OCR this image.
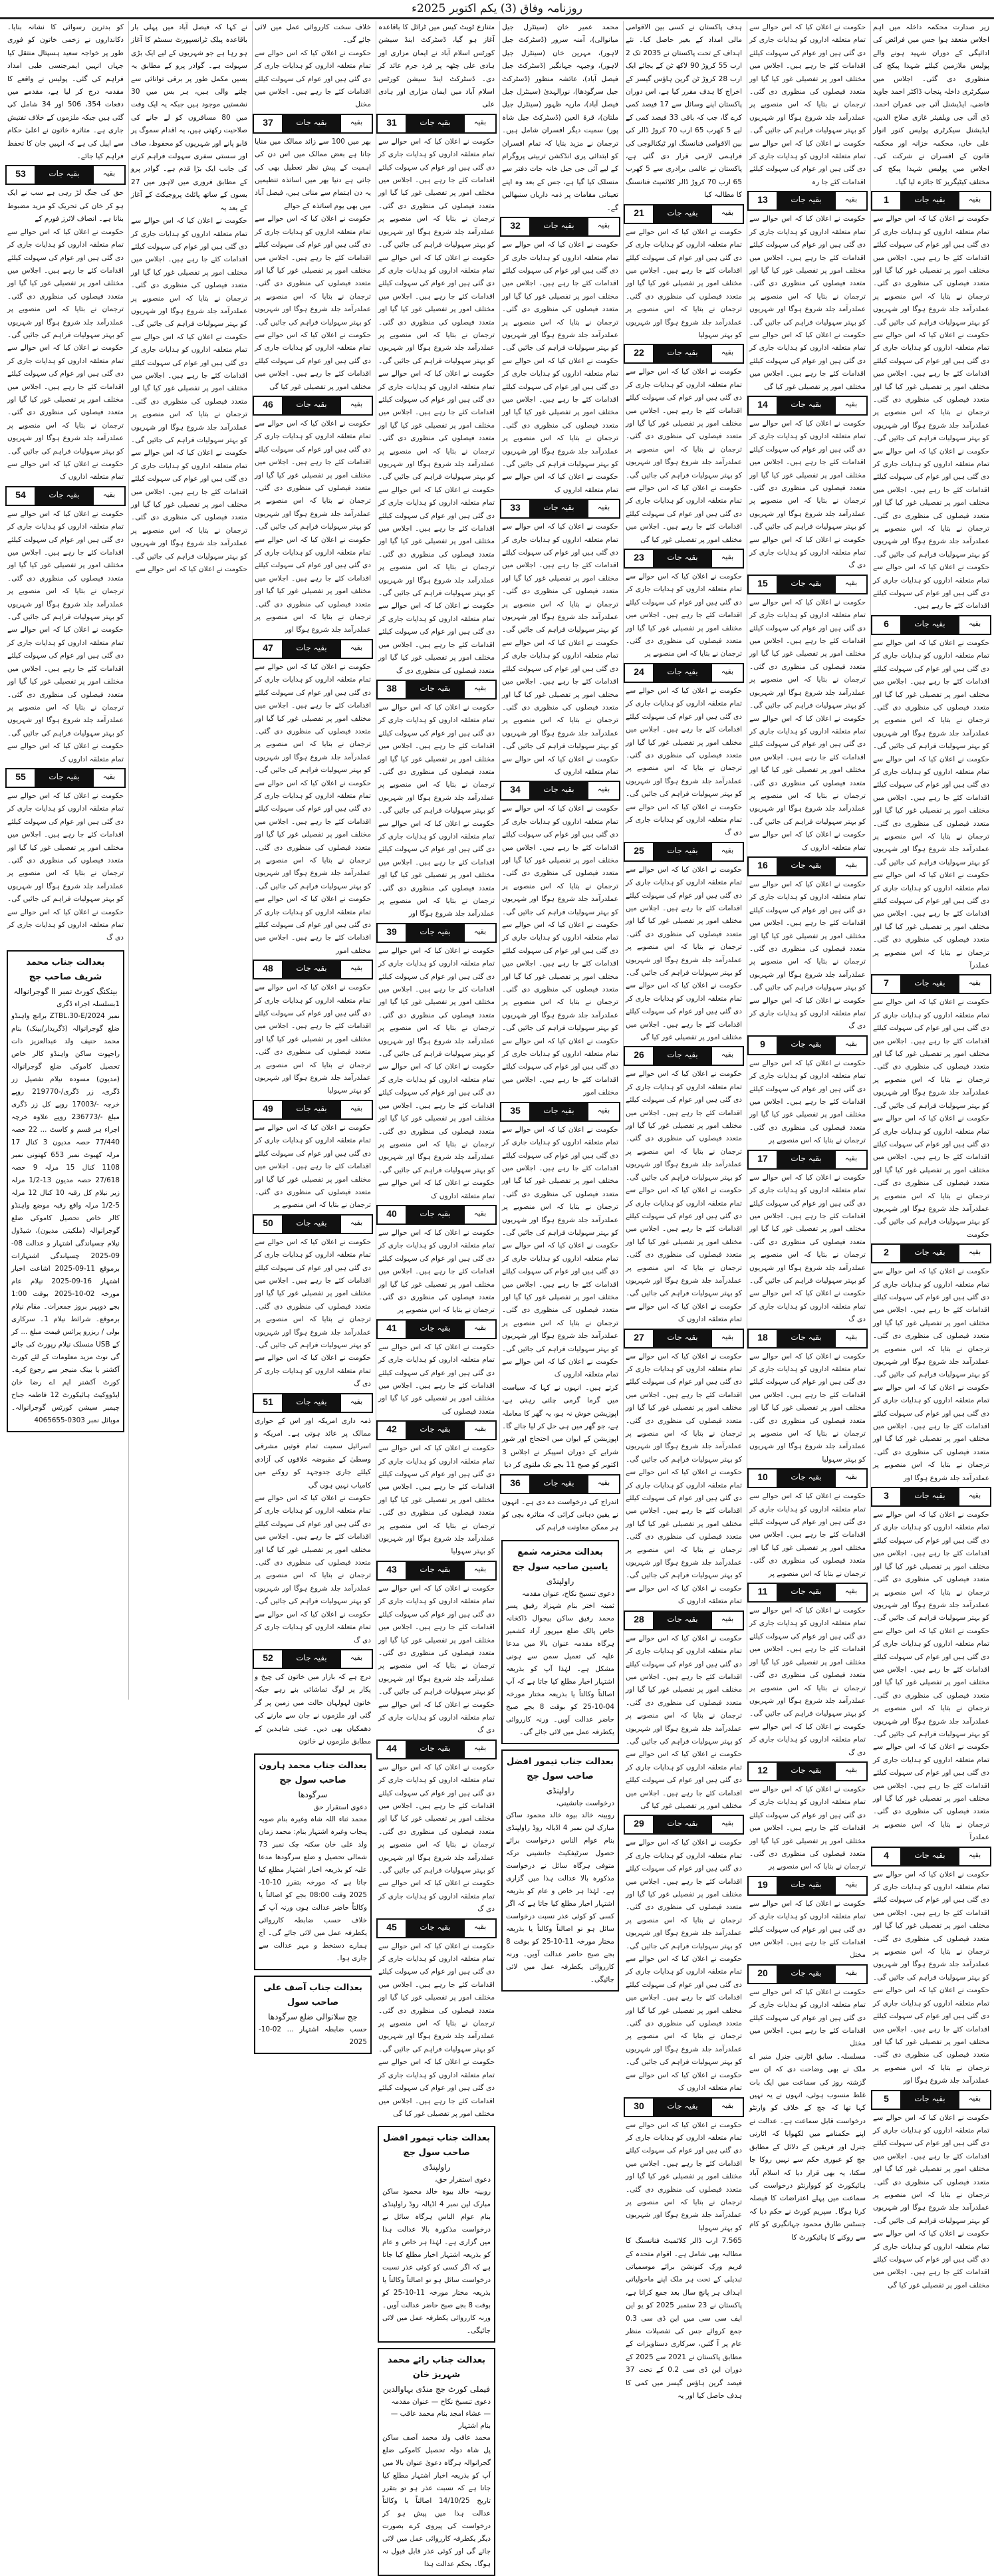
روزنامہ وفاق (3) یکم اکتوبر 2025ء

زیر صدارت محکمہ داخلہ میں اہم اجلاس منعقد ہوا جس میں فرائض کی ادائیگی کے دوران شہید ہونے والے پولیس ملازمین کیلئے شہدا پیکج کی منظوری دی گئی۔ اجلاس میں سیکرٹری داخلہ پنجاب ڈاکٹر احمد جاوید قاضی، ایڈیشنل آئی جی عمران احمد، ڈی آئی جی ویلفیئر غازی صلاح الدین، ایڈیشنل سیکرٹری پولیس کنور انوار علی خاں، محکمہ خزانہ اور محکمہ قانون کے افسران نے شرکت کی۔ اجلاس میں پولیس شہدا پیکج کی مختلف کیٹیگریز کا جائزہ لیا گیا۔

1	بقیہ جات	بقیہ

حکومت نے اعلان کیا کہ اس حوالے سے تمام متعلقہ اداروں کو ہدایات جاری کر دی گئی ہیں اور عوام کی سہولت کیلئے اقدامات کئے جا رہے ہیں۔ اجلاس میں مختلف امور پر تفصیلی غور کیا گیا اور متعدد فیصلوں کی منظوری دی گئی۔ ترجمان نے بتایا کہ اس منصوبے پر عملدرآمد جلد شروع ہوگا اور شہریوں کو بہتر سہولیات فراہم کی جائیں گی۔ حکومت نے اعلان کیا کہ اس حوالے سے تمام متعلقہ اداروں کو ہدایات جاری کر دی گئی ہیں اور عوام کی سہولت کیلئے اقدامات کئے جا رہے ہیں۔ اجلاس میں مختلف امور پر تفصیلی غور کیا گیا اور متعدد فیصلوں کی منظوری دی گئی۔ ترجمان نے بتایا کہ اس منصوبے پر عملدرآمد جلد شروع ہوگا اور شہریوں کو بہتر سہولیات فراہم کی جائیں گی۔ حکومت نے اعلان کیا کہ اس حوالے سے تمام متعلقہ اداروں کو ہدایات جاری کر دی گئی ہیں اور عوام کی سہولت کیلئے اقدامات کئے جا رہے ہیں۔ اجلاس میں مختلف امور پر تفصیلی غور کیا گیا اور متعدد فیصلوں کی منظوری دی گئی۔ ترجمان نے بتایا کہ اس منصوبے پر عملدرآمد جلد شروع ہوگا اور شہریوں کو بہتر سہولیات فراہم کی جائیں گی۔ حکومت نے اعلان کیا کہ اس حوالے سے تمام متعلقہ اداروں کو ہدایات جاری کر دی گئی ہیں اور عوام کی سہولت کیلئے اقدامات کئے جا رہے ہیں۔

6	بقیہ جات	بقیہ

حکومت نے اعلان کیا کہ اس حوالے سے تمام متعلقہ اداروں کو ہدایات جاری کر دی گئی ہیں اور عوام کی سہولت کیلئے اقدامات کئے جا رہے ہیں۔ اجلاس میں مختلف امور پر تفصیلی غور کیا گیا اور متعدد فیصلوں کی منظوری دی گئی۔ ترجمان نے بتایا کہ اس منصوبے پر عملدرآمد جلد شروع ہوگا اور شہریوں کو بہتر سہولیات فراہم کی جائیں گی۔ حکومت نے اعلان کیا کہ اس حوالے سے تمام متعلقہ اداروں کو ہدایات جاری کر دی گئی ہیں اور عوام کی سہولت کیلئے اقدامات کئے جا رہے ہیں۔ اجلاس میں مختلف امور پر تفصیلی غور کیا گیا اور متعدد فیصلوں کی منظوری دی گئی۔ ترجمان نے بتایا کہ اس منصوبے پر عملدرآمد جلد شروع ہوگا اور شہریوں کو بہتر سہولیات فراہم کی جائیں گی۔ حکومت نے اعلان کیا کہ اس حوالے سے تمام متعلقہ اداروں کو ہدایات جاری کر دی گئی ہیں اور عوام کی سہولت کیلئے اقدامات کئے جا رہے ہیں۔ اجلاس میں مختلف امور پر تفصیلی غور کیا گیا اور متعدد فیصلوں کی منظوری دی گئی۔ ترجمان نے بتایا کہ اس منصوبے پر عملدرآ

7	بقیہ جات	بقیہ

حکومت نے اعلان کیا کہ اس حوالے سے تمام متعلقہ اداروں کو ہدایات جاری کر دی گئی ہیں اور عوام کی سہولت کیلئے اقدامات کئے جا رہے ہیں۔ اجلاس میں مختلف امور پر تفصیلی غور کیا گیا اور متعدد فیصلوں کی منظوری دی گئی۔ ترجمان نے بتایا کہ اس منصوبے پر عملدرآمد جلد شروع ہوگا اور شہریوں کو بہتر سہولیات فراہم کی جائیں گی۔ حکومت نے اعلان کیا کہ اس حوالے سے تمام متعلقہ اداروں کو ہدایات جاری کر دی گئی ہیں اور عوام کی سہولت کیلئے اقدامات کئے جا رہے ہیں۔ اجلاس میں مختلف امور پر تفصیلی غور کیا گیا اور متعدد فیصلوں کی منظوری دی گئی۔ ترجمان نے بتایا کہ اس منصوبے پر عملدرآمد جلد شروع ہوگا اور شہریوں کو بہتر سہولیات فراہم کی جائیں گی۔ حکومت

2	بقیہ جات	بقیہ

حکومت نے اعلان کیا کہ اس حوالے سے تمام متعلقہ اداروں کو ہدایات جاری کر دی گئی ہیں اور عوام کی سہولت کیلئے اقدامات کئے جا رہے ہیں۔ اجلاس میں مختلف امور پر تفصیلی غور کیا گیا اور متعدد فیصلوں کی منظوری دی گئی۔ ترجمان نے بتایا کہ اس منصوبے پر عملدرآمد جلد شروع ہوگا اور شہریوں کو بہتر سہولیات فراہم کی جائیں گی۔ حکومت نے اعلان کیا کہ اس حوالے سے تمام متعلقہ اداروں کو ہدایات جاری کر دی گئی ہیں اور عوام کی سہولت کیلئے اقدامات کئے جا رہے ہیں۔ اجلاس میں مختلف امور پر تفصیلی غور کیا گیا اور متعدد فیصلوں کی منظوری دی گئی۔ ترجمان نے بتایا کہ اس منصوبے پر عملدرآمد جلد شروع ہوگا اور

3	بقیہ جات	بقیہ

حکومت نے اعلان کیا کہ اس حوالے سے تمام متعلقہ اداروں کو ہدایات جاری کر دی گئی ہیں اور عوام کی سہولت کیلئے اقدامات کئے جا رہے ہیں۔ اجلاس میں مختلف امور پر تفصیلی غور کیا گیا اور متعدد فیصلوں کی منظوری دی گئی۔ ترجمان نے بتایا کہ اس منصوبے پر عملدرآمد جلد شروع ہوگا اور شہریوں کو بہتر سہولیات فراہم کی جائیں گی۔ حکومت نے اعلان کیا کہ اس حوالے سے تمام متعلقہ اداروں کو ہدایات جاری کر دی گئی ہیں اور عوام کی سہولت کیلئے اقدامات کئے جا رہے ہیں۔ اجلاس میں مختلف امور پر تفصیلی غور کیا گیا اور متعدد فیصلوں کی منظوری دی گئی۔ ترجمان نے بتایا کہ اس منصوبے پر عملدرآمد جلد شروع ہوگا اور شہریوں کو بہتر سہولیات فراہم کی جائیں گی۔ حکومت نے اعلان کیا کہ اس حوالے سے تمام متعلقہ اداروں کو ہدایات جاری کر دی گئی ہیں اور عوام کی سہولت کیلئے اقدامات کئے جا رہے ہیں۔ اجلاس میں مختلف امور پر تفصیلی غور کیا گیا اور متعدد فیصلوں کی منظوری دی گئی۔ ترجمان نے بتایا کہ اس منصوبے پر عملدرآ

4	بقیہ جات	بقیہ

حکومت نے اعلان کیا کہ اس حوالے سے تمام متعلقہ اداروں کو ہدایات جاری کر دی گئی ہیں اور عوام کی سہولت کیلئے اقدامات کئے جا رہے ہیں۔ اجلاس میں مختلف امور پر تفصیلی غور کیا گیا اور متعدد فیصلوں کی منظوری دی گئی۔ ترجمان نے بتایا کہ اس منصوبے پر عملدرآمد جلد شروع ہوگا اور شہریوں کو بہتر سہولیات فراہم کی جائیں گی۔ حکومت نے اعلان کیا کہ اس حوالے سے تمام متعلقہ اداروں کو ہدایات جاری کر دی گئی ہیں اور عوام کی سہولت کیلئے اقدامات کئے جا رہے ہیں۔ اجلاس میں مختلف امور پر تفصیلی غور کیا گیا اور متعدد فیصلوں کی منظوری دی گئی۔ ترجمان نے بتایا کہ اس منصوبے پر عملدرآمد جلد شروع ہوگا اور

5	بقیہ جات	بقیہ

حکومت نے اعلان کیا کہ اس حوالے سے تمام متعلقہ اداروں کو ہدایات جاری کر دی گئی ہیں اور عوام کی سہولت کیلئے اقدامات کئے جا رہے ہیں۔ اجلاس میں مختلف امور پر تفصیلی غور کیا گیا اور متعدد فیصلوں کی منظوری دی گئی۔ ترجمان نے بتایا کہ اس منصوبے پر عملدرآمد جلد شروع ہوگا اور شہریوں کو بہتر سہولیات فراہم کی جائیں گی۔ حکومت نے اعلان کیا کہ اس حوالے سے تمام متعلقہ اداروں کو ہدایات جاری کر دی گئی ہیں اور عوام کی سہولت کیلئے اقدامات کئے جا رہے ہیں۔ اجلاس میں مختلف امور پر تفصیلی غور کیا گی

حکومت نے اعلان کیا کہ اس حوالے سے تمام متعلقہ اداروں کو ہدایات جاری کر دی گئی ہیں اور عوام کی سہولت کیلئے اقدامات کئے جا رہے ہیں۔ اجلاس میں مختلف امور پر تفصیلی غور کیا گیا اور متعدد فیصلوں کی منظوری دی گئی۔ ترجمان نے بتایا کہ اس منصوبے پر عملدرآمد جلد شروع ہوگا اور شہریوں کو بہتر سہولیات فراہم کی جائیں گی۔ حکومت نے اعلان کیا کہ اس حوالے سے تمام متعلقہ اداروں کو ہدایات جاری کر دی گئی ہیں اور عوام کی سہولت کیلئے اقدامات کئے جا رہ

13	بقیہ جات	بقیہ

حکومت نے اعلان کیا کہ اس حوالے سے تمام متعلقہ اداروں کو ہدایات جاری کر دی گئی ہیں اور عوام کی سہولت کیلئے اقدامات کئے جا رہے ہیں۔ اجلاس میں مختلف امور پر تفصیلی غور کیا گیا اور متعدد فیصلوں کی منظوری دی گئی۔ ترجمان نے بتایا کہ اس منصوبے پر عملدرآمد جلد شروع ہوگا اور شہریوں کو بہتر سہولیات فراہم کی جائیں گی۔ حکومت نے اعلان کیا کہ اس حوالے سے تمام متعلقہ اداروں کو ہدایات جاری کر دی گئی ہیں اور عوام کی سہولت کیلئے اقدامات کئے جا رہے ہیں۔ اجلاس میں مختلف امور پر تفصیلی غور کیا گی

14	بقیہ جات	بقیہ

حکومت نے اعلان کیا کہ اس حوالے سے تمام متعلقہ اداروں کو ہدایات جاری کر دی گئی ہیں اور عوام کی سہولت کیلئے اقدامات کئے جا رہے ہیں۔ اجلاس میں مختلف امور پر تفصیلی غور کیا گیا اور متعدد فیصلوں کی منظوری دی گئی۔ ترجمان نے بتایا کہ اس منصوبے پر عملدرآمد جلد شروع ہوگا اور شہریوں کو بہتر سہولیات فراہم کی جائیں گی۔ حکومت نے اعلان کیا کہ اس حوالے سے تمام متعلقہ اداروں کو ہدایات جاری کر دی گ

15	بقیہ جات	بقیہ

حکومت نے اعلان کیا کہ اس حوالے سے تمام متعلقہ اداروں کو ہدایات جاری کر دی گئی ہیں اور عوام کی سہولت کیلئے اقدامات کئے جا رہے ہیں۔ اجلاس میں مختلف امور پر تفصیلی غور کیا گیا اور متعدد فیصلوں کی منظوری دی گئی۔ ترجمان نے بتایا کہ اس منصوبے پر عملدرآمد جلد شروع ہوگا اور شہریوں کو بہتر سہولیات فراہم کی جائیں گی۔ حکومت نے اعلان کیا کہ اس حوالے سے تمام متعلقہ اداروں کو ہدایات جاری کر دی گئی ہیں اور عوام کی سہولت کیلئے اقدامات کئے جا رہے ہیں۔ اجلاس میں مختلف امور پر تفصیلی غور کیا گیا اور متعدد فیصلوں کی منظوری دی گئی۔ ترجمان نے بتایا کہ اس منصوبے پر عملدرآمد جلد شروع ہوگا اور شہریوں کو بہتر سہولیات فراہم کی جائیں گی۔ حکومت نے اعلان کیا کہ اس حوالے سے تمام متعلقہ اداروں ک

16	بقیہ جات	بقیہ

حکومت نے اعلان کیا کہ اس حوالے سے تمام متعلقہ اداروں کو ہدایات جاری کر دی گئی ہیں اور عوام کی سہولت کیلئے اقدامات کئے جا رہے ہیں۔ اجلاس میں مختلف امور پر تفصیلی غور کیا گیا اور متعدد فیصلوں کی منظوری دی گئی۔ ترجمان نے بتایا کہ اس منصوبے پر عملدرآمد جلد شروع ہوگا اور شہریوں کو بہتر سہولیات فراہم کی جائیں گی۔ حکومت نے اعلان کیا کہ اس حوالے سے تمام متعلقہ اداروں کو ہدایات جاری کر دی گ

9	بقیہ جات	بقیہ

حکومت نے اعلان کیا کہ اس حوالے سے تمام متعلقہ اداروں کو ہدایات جاری کر دی گئی ہیں اور عوام کی سہولت کیلئے اقدامات کئے جا رہے ہیں۔ اجلاس میں مختلف امور پر تفصیلی غور کیا گیا اور متعدد فیصلوں کی منظوری دی گئی۔ ترجمان نے بتایا کہ اس منصوبے پر

17	بقیہ جات	بقیہ

حکومت نے اعلان کیا کہ اس حوالے سے تمام متعلقہ اداروں کو ہدایات جاری کر دی گئی ہیں اور عوام کی سہولت کیلئے اقدامات کئے جا رہے ہیں۔ اجلاس میں مختلف امور پر تفصیلی غور کیا گیا اور متعدد فیصلوں کی منظوری دی گئی۔ ترجمان نے بتایا کہ اس منصوبے پر عملدرآمد جلد شروع ہوگا اور شہریوں کو بہتر سہولیات فراہم کی جائیں گی۔ حکومت نے اعلان کیا کہ اس حوالے سے تمام متعلقہ اداروں کو ہدایات جاری کر دی گ

18	بقیہ جات	بقیہ

حکومت نے اعلان کیا کہ اس حوالے سے تمام متعلقہ اداروں کو ہدایات جاری کر دی گئی ہیں اور عوام کی سہولت کیلئے اقدامات کئے جا رہے ہیں۔ اجلاس میں مختلف امور پر تفصیلی غور کیا گیا اور متعدد فیصلوں کی منظوری دی گئی۔ ترجمان نے بتایا کہ اس منصوبے پر عملدرآمد جلد شروع ہوگا اور شہریوں کو بہتر سہولیا

10	بقیہ جات	بقیہ

حکومت نے اعلان کیا کہ اس حوالے سے تمام متعلقہ اداروں کو ہدایات جاری کر دی گئی ہیں اور عوام کی سہولت کیلئے اقدامات کئے جا رہے ہیں۔ اجلاس میں مختلف امور پر تفصیلی غور کیا گیا اور متعدد فیصلوں کی منظوری دی گئی۔ ترجمان نے بتایا کہ اس منصوبے پر

11	بقیہ جات	بقیہ

حکومت نے اعلان کیا کہ اس حوالے سے تمام متعلقہ اداروں کو ہدایات جاری کر دی گئی ہیں اور عوام کی سہولت کیلئے اقدامات کئے جا رہے ہیں۔ اجلاس میں مختلف امور پر تفصیلی غور کیا گیا اور متعدد فیصلوں کی منظوری دی گئی۔ ترجمان نے بتایا کہ اس منصوبے پر عملدرآمد جلد شروع ہوگا اور شہریوں کو بہتر سہولیات فراہم کی جائیں گی۔ حکومت نے اعلان کیا کہ اس حوالے سے تمام متعلقہ اداروں کو ہدایات جاری کر دی گ

12	بقیہ جات	بقیہ

حکومت نے اعلان کیا کہ اس حوالے سے تمام متعلقہ اداروں کو ہدایات جاری کر دی گئی ہیں اور عوام کی سہولت کیلئے اقدامات کئے جا رہے ہیں۔ اجلاس میں مختلف امور پر تفصیلی غور کیا گیا اور متعدد فیصلوں کی منظوری دی گئی۔ ترجمان نے بتایا کہ اس منصوبے پر

19	بقیہ جات	بقیہ

حکومت نے اعلان کیا کہ اس حوالے سے تمام متعلقہ اداروں کو ہدایات جاری کر دی گئی ہیں اور عوام کی سہولت کیلئے اقدامات کئے جا رہے ہیں۔ اجلاس میں مختل

20	بقیہ جات	بقیہ

حکومت نے اعلان کیا کہ اس حوالے سے تمام متعلقہ اداروں کو ہدایات جاری کر دی گئی ہیں اور عوام کی سہولت کیلئے اقدامات کئے جا رہے ہیں۔ اجلاس میں مختل

مسلسلہ۔ سابق اٹارنی جنرل منیر اے ملک نے بھی وضاحت دی کہ ان سے گزشتہ روز کی سماعت میں ایک بات غلط منسوب ہوئی، انہوں نے یہ نہیں کہا تھا کہ جج کے خلاف کو وارنٹو درخواست قابل سماعت ہے۔ عدالت نے اپنے حکمنامے میں لکھوایا کہ اٹارنی جنرل اور فریقین کے دلائل کے مطابق جج کو عبوری حکم سے نہیں روکا جا سکتا، یہ بھی قرار دیا کہ اسلام آباد ہائیکورٹ کو کووارنٹو درخواست کی سماعت میں پہلے اعتراضات کا فیصلہ کرنا ہوگا۔ سپریم کورٹ نے حکم دیا کہ جسٹس طارق محمود جہانگیری کو کام سے روکنے کا ہائیکورٹ کا

ہدف پاکستان نے کسی بین الاقوامی مالی امداد کے بغیر حاصل کیا۔ نئے اہداف کے تحت پاکستان نے 2035 تک 2 ارب 55 کروڑ 90 لاکھ ٹن کے بجائے ایک ارب 28 کروڑ ٹن گرین ہاؤس گیسز کے اخراج کا ہدف مقرر کیا ہے، اس دوران پاکستان اپنے وسائل سے 17 فیصد کمی کرے گا، جب کہ باقی 33 فیصد کمی کے لیے 5 کھرب 65 ارب 70 کروڑ ڈالر کی بین الاقوامی فنانسنگ اور ٹیکنالوجی کی فراہمی لازمی قرار دی گئی ہے، پاکستان نے عالمی برادری سے 5 کھرب 65 ارب 70 کروڑ ڈالر کلائمیٹ فنانسنگ کا مطالبہ کیا

21	بقیہ جات	بقیہ

حکومت نے اعلان کیا کہ اس حوالے سے تمام متعلقہ اداروں کو ہدایات جاری کر دی گئی ہیں اور عوام کی سہولت کیلئے اقدامات کئے جا رہے ہیں۔ اجلاس میں مختلف امور پر تفصیلی غور کیا گیا اور متعدد فیصلوں کی منظوری دی گئی۔ ترجمان نے بتایا کہ اس منصوبے پر عملدرآمد جلد شروع ہوگا اور شہریوں کو بہتر سہولیا

22	بقیہ جات	بقیہ

حکومت نے اعلان کیا کہ اس حوالے سے تمام متعلقہ اداروں کو ہدایات جاری کر دی گئی ہیں اور عوام کی سہولت کیلئے اقدامات کئے جا رہے ہیں۔ اجلاس میں مختلف امور پر تفصیلی غور کیا گیا اور متعدد فیصلوں کی منظوری دی گئی۔ ترجمان نے بتایا کہ اس منصوبے پر عملدرآمد جلد شروع ہوگا اور شہریوں کو بہتر سہولیات فراہم کی جائیں گی۔ حکومت نے اعلان کیا کہ اس حوالے سے تمام متعلقہ اداروں کو ہدایات جاری کر دی گئی ہیں اور عوام کی سہولت کیلئے اقدامات کئے جا رہے ہیں۔ اجلاس میں مختلف امور پر تفصیلی غور کیا گی

23	بقیہ جات	بقیہ

حکومت نے اعلان کیا کہ اس حوالے سے تمام متعلقہ اداروں کو ہدایات جاری کر دی گئی ہیں اور عوام کی سہولت کیلئے اقدامات کئے جا رہے ہیں۔ اجلاس میں مختلف امور پر تفصیلی غور کیا گیا اور متعدد فیصلوں کی منظوری دی گئی۔ ترجمان نے بتایا کہ اس منصوبے پر

24	بقیہ جات	بقیہ

حکومت نے اعلان کیا کہ اس حوالے سے تمام متعلقہ اداروں کو ہدایات جاری کر دی گئی ہیں اور عوام کی سہولت کیلئے اقدامات کئے جا رہے ہیں۔ اجلاس میں مختلف امور پر تفصیلی غور کیا گیا اور متعدد فیصلوں کی منظوری دی گئی۔ ترجمان نے بتایا کہ اس منصوبے پر عملدرآمد جلد شروع ہوگا اور شہریوں کو بہتر سہولیات فراہم کی جائیں گی۔ حکومت نے اعلان کیا کہ اس حوالے سے تمام متعلقہ اداروں کو ہدایات جاری کر دی گ

25	بقیہ جات	بقیہ

حکومت نے اعلان کیا کہ اس حوالے سے تمام متعلقہ اداروں کو ہدایات جاری کر دی گئی ہیں اور عوام کی سہولت کیلئے اقدامات کئے جا رہے ہیں۔ اجلاس میں مختلف امور پر تفصیلی غور کیا گیا اور متعدد فیصلوں کی منظوری دی گئی۔ ترجمان نے بتایا کہ اس منصوبے پر عملدرآمد جلد شروع ہوگا اور شہریوں کو بہتر سہولیات فراہم کی جائیں گی۔ حکومت نے اعلان کیا کہ اس حوالے سے تمام متعلقہ اداروں کو ہدایات جاری کر دی گئی ہیں اور عوام کی سہولت کیلئے اقدامات کئے جا رہے ہیں۔ اجلاس میں مختلف امور پر تفصیلی غور کیا گی

26	بقیہ جات	بقیہ

حکومت نے اعلان کیا کہ اس حوالے سے تمام متعلقہ اداروں کو ہدایات جاری کر دی گئی ہیں اور عوام کی سہولت کیلئے اقدامات کئے جا رہے ہیں۔ اجلاس میں مختلف امور پر تفصیلی غور کیا گیا اور متعدد فیصلوں کی منظوری دی گئی۔ ترجمان نے بتایا کہ اس منصوبے پر عملدرآمد جلد شروع ہوگا اور شہریوں کو بہتر سہولیات فراہم کی جائیں گی۔ حکومت نے اعلان کیا کہ اس حوالے سے تمام متعلقہ اداروں کو ہدایات جاری کر دی گئی ہیں اور عوام کی سہولت کیلئے اقدامات کئے جا رہے ہیں۔ اجلاس میں مختلف امور پر تفصیلی غور کیا گیا اور متعدد فیصلوں کی منظوری دی گئی۔ ترجمان نے بتایا کہ اس منصوبے پر عملدرآمد جلد شروع ہوگا اور شہریوں کو بہتر سہولیات فراہم کی جائیں گی۔ حکومت نے اعلان کیا کہ اس حوالے سے تمام متعلقہ اداروں ک

27	بقیہ جات	بقیہ

حکومت نے اعلان کیا کہ اس حوالے سے تمام متعلقہ اداروں کو ہدایات جاری کر دی گئی ہیں اور عوام کی سہولت کیلئے اقدامات کئے جا رہے ہیں۔ اجلاس میں مختلف امور پر تفصیلی غور کیا گیا اور متعدد فیصلوں کی منظوری دی گئی۔ ترجمان نے بتایا کہ اس منصوبے پر عملدرآمد جلد شروع ہوگا اور شہریوں کو بہتر سہولیات فراہم کی جائیں گی۔ حکومت نے اعلان کیا کہ اس حوالے سے تمام متعلقہ اداروں کو ہدایات جاری کر دی گئی ہیں اور عوام کی سہولت کیلئے اقدامات کئے جا رہے ہیں۔ اجلاس میں مختلف امور پر تفصیلی غور کیا گیا اور متعدد فیصلوں کی منظوری دی گئی۔ ترجمان نے بتایا کہ اس منصوبے پر عملدرآمد جلد شروع ہوگا اور شہریوں کو بہتر سہولیات فراہم کی جائیں گی۔ حکومت نے اعلان کیا کہ اس حوالے سے تمام متعلقہ اداروں ک

28	بقیہ جات	بقیہ

حکومت نے اعلان کیا کہ اس حوالے سے تمام متعلقہ اداروں کو ہدایات جاری کر دی گئی ہیں اور عوام کی سہولت کیلئے اقدامات کئے جا رہے ہیں۔ اجلاس میں مختلف امور پر تفصیلی غور کیا گیا اور متعدد فیصلوں کی منظوری دی گئی۔ ترجمان نے بتایا کہ اس منصوبے پر عملدرآمد جلد شروع ہوگا اور شہریوں کو بہتر سہولیات فراہم کی جائیں گی۔ حکومت نے اعلان کیا کہ اس حوالے سے تمام متعلقہ اداروں کو ہدایات جاری کر دی گئی ہیں اور عوام کی سہولت کیلئے اقدامات کئے جا رہے ہیں۔ اجلاس میں مختلف امور پر تفصیلی غور کیا گی

29	بقیہ جات	بقیہ

حکومت نے اعلان کیا کہ اس حوالے سے تمام متعلقہ اداروں کو ہدایات جاری کر دی گئی ہیں اور عوام کی سہولت کیلئے اقدامات کئے جا رہے ہیں۔ اجلاس میں مختلف امور پر تفصیلی غور کیا گیا اور متعدد فیصلوں کی منظوری دی گئی۔ ترجمان نے بتایا کہ اس منصوبے پر عملدرآمد جلد شروع ہوگا اور شہریوں کو بہتر سہولیات فراہم کی جائیں گی۔ حکومت نے اعلان کیا کہ اس حوالے سے تمام متعلقہ اداروں کو ہدایات جاری کر دی گئی ہیں اور عوام کی سہولت کیلئے اقدامات کئے جا رہے ہیں۔ اجلاس میں مختلف امور پر تفصیلی غور کیا گیا اور متعدد فیصلوں کی منظوری دی گئی۔ ترجمان نے بتایا کہ اس منصوبے پر عملدرآمد جلد شروع ہوگا اور شہریوں کو بہتر سہولیات فراہم کی جائیں گی۔ حکومت نے اعلان کیا کہ اس حوالے سے تمام متعلقہ اداروں ک

30	بقیہ جات	بقیہ

حکومت نے اعلان کیا کہ اس حوالے سے تمام متعلقہ اداروں کو ہدایات جاری کر دی گئی ہیں اور عوام کی سہولت کیلئے اقدامات کئے جا رہے ہیں۔ اجلاس میں مختلف امور پر تفصیلی غور کیا گیا اور متعدد فیصلوں کی منظوری دی گئی۔ ترجمان نے بتایا کہ اس منصوبے پر عملدرآمد جلد شروع ہوگا اور شہریوں کو بہتر سہولیا

7.565 ارب ڈالر کلائمیٹ فنانسنگ کا مطالبہ بھی شامل ہے۔ اقوام متحدہ کے فریم ورک کنونشن برائے موسمیاتی تبدیلی کے تحت ہر ملک اپنے ماحولیاتی اہداف ہر پانچ سال بعد جمع کراتا ہے، پاکستان نے 23 ستمبر 2025 کو یو این ایف سی سی میں این ڈی سی 0.3 جمع کروائے جس کی تفصیلات منظر عام پر آ گئیں، سرکاری دستاویزات کے مطابق پاکستان نے 2021 سے 2025 کے دوران این ڈی سی 0.2 کے تحت 37 فیصد گرین ہاؤس گیسز میں کمی کا ہدف حاصل کیا اور یہ

محمد عمیر خان (سینٹرل جیل میانوالی)، آمنہ سرور (ڈسٹرکٹ جیل لاہور)، مہرین خان (سینٹرل جیل لاہور)، وجیہہ جہانگیر (ڈسٹرکٹ جیل فیصل آباد)، عائشہ منظور (ڈسٹرکٹ جیل سرگودھا)، نورالہدیٰ (سینٹرل جیل فیصل آباد)، ماریہ ظہور (سینٹرل جیل ملتان)، قرۃ العین (ڈسٹرکٹ جیل شاہ پور) سمیت دیگر افسران شامل ہیں۔ ترجمان نے مزید بتایا کہ تمام افسران کو ابتدائی پری انڈکشن تربیتی پروگرام کے لیے آئی جی جیل خانہ جات دفتر سے منسلک کیا گیا ہے، جس کے بعد وہ اپنے تعیناتی مقامات پر ذمہ داریاں سنبھالیں گے۔

32	بقیہ جات	بقیہ

حکومت نے اعلان کیا کہ اس حوالے سے تمام متعلقہ اداروں کو ہدایات جاری کر دی گئی ہیں اور عوام کی سہولت کیلئے اقدامات کئے جا رہے ہیں۔ اجلاس میں مختلف امور پر تفصیلی غور کیا گیا اور متعدد فیصلوں کی منظوری دی گئی۔ ترجمان نے بتایا کہ اس منصوبے پر عملدرآمد جلد شروع ہوگا اور شہریوں کو بہتر سہولیات فراہم کی جائیں گی۔ حکومت نے اعلان کیا کہ اس حوالے سے تمام متعلقہ اداروں کو ہدایات جاری کر دی گئی ہیں اور عوام کی سہولت کیلئے اقدامات کئے جا رہے ہیں۔ اجلاس میں مختلف امور پر تفصیلی غور کیا گیا اور متعدد فیصلوں کی منظوری دی گئی۔ ترجمان نے بتایا کہ اس منصوبے پر عملدرآمد جلد شروع ہوگا اور شہریوں کو بہتر سہولیات فراہم کی جائیں گی۔ حکومت نے اعلان کیا کہ اس حوالے سے تمام متعلقہ اداروں ک

33	بقیہ جات	بقیہ

حکومت نے اعلان کیا کہ اس حوالے سے تمام متعلقہ اداروں کو ہدایات جاری کر دی گئی ہیں اور عوام کی سہولت کیلئے اقدامات کئے جا رہے ہیں۔ اجلاس میں مختلف امور پر تفصیلی غور کیا گیا اور متعدد فیصلوں کی منظوری دی گئی۔ ترجمان نے بتایا کہ اس منصوبے پر عملدرآمد جلد شروع ہوگا اور شہریوں کو بہتر سہولیات فراہم کی جائیں گی۔ حکومت نے اعلان کیا کہ اس حوالے سے تمام متعلقہ اداروں کو ہدایات جاری کر دی گئی ہیں اور عوام کی سہولت کیلئے اقدامات کئے جا رہے ہیں۔ اجلاس میں مختلف امور پر تفصیلی غور کیا گیا اور متعدد فیصلوں کی منظوری دی گئی۔ ترجمان نے بتایا کہ اس منصوبے پر عملدرآمد جلد شروع ہوگا اور شہریوں کو بہتر سہولیات فراہم کی جائیں گی۔ حکومت نے اعلان کیا کہ اس حوالے سے تمام متعلقہ اداروں ک

34	بقیہ جات	بقیہ

حکومت نے اعلان کیا کہ اس حوالے سے تمام متعلقہ اداروں کو ہدایات جاری کر دی گئی ہیں اور عوام کی سہولت کیلئے اقدامات کئے جا رہے ہیں۔ اجلاس میں مختلف امور پر تفصیلی غور کیا گیا اور متعدد فیصلوں کی منظوری دی گئی۔ ترجمان نے بتایا کہ اس منصوبے پر عملدرآمد جلد شروع ہوگا اور شہریوں کو بہتر سہولیات فراہم کی جائیں گی۔ حکومت نے اعلان کیا کہ اس حوالے سے تمام متعلقہ اداروں کو ہدایات جاری کر دی گئی ہیں اور عوام کی سہولت کیلئے اقدامات کئے جا رہے ہیں۔ اجلاس میں مختلف امور پر تفصیلی غور کیا گیا اور متعدد فیصلوں کی منظوری دی گئی۔ ترجمان نے بتایا کہ اس منصوبے پر عملدرآمد جلد شروع ہوگا اور شہریوں کو بہتر سہولیات فراہم کی جائیں گی۔ حکومت نے اعلان کیا کہ اس حوالے سے تمام متعلقہ اداروں کو ہدایات جاری کر دی گئی ہیں اور عوام کی سہولت کیلئے اقدامات کئے جا رہے ہیں۔ اجلاس میں مختلف امور

35	بقیہ جات	بقیہ

حکومت نے اعلان کیا کہ اس حوالے سے تمام متعلقہ اداروں کو ہدایات جاری کر دی گئی ہیں اور عوام کی سہولت کیلئے اقدامات کئے جا رہے ہیں۔ اجلاس میں مختلف امور پر تفصیلی غور کیا گیا اور متعدد فیصلوں کی منظوری دی گئی۔ ترجمان نے بتایا کہ اس منصوبے پر عملدرآمد جلد شروع ہوگا اور شہریوں کو بہتر سہولیات فراہم کی جائیں گی۔ حکومت نے اعلان کیا کہ اس حوالے سے تمام متعلقہ اداروں کو ہدایات جاری کر دی گئی ہیں اور عوام کی سہولت کیلئے اقدامات کئے جا رہے ہیں۔ اجلاس میں مختلف امور پر تفصیلی غور کیا گیا اور متعدد فیصلوں کی منظوری دی گئی۔ ترجمان نے بتایا کہ اس منصوبے پر عملدرآمد جلد شروع ہوگا اور شہریوں کو بہتر سہولیات فراہم کی جائیں گی۔ حکومت نے اعلان کیا کہ اس حوالے سے تمام متعلقہ اداروں ک

کرتے ہیں۔ انہوں نے کہا کہ سیاست میں گرما گرمی چلتی رہتی ہے، اپوزیشن خوش نہ ہو، یہ گھر کا معاملہ ہے، جو گھر میں ہی حل کر لیا جائے گا۔ اپوزیشن کے ایوان میں احتجاج اور شور شرابے کے دوران اسپیکر نے اجلاس 3 اکتوبر کو صبح 11 بجے تک ملتوی کر دیا

36	بقیہ جات	بقیہ

اندراج کی درخواست دے دی ہے۔ انہوں نے یقین دہانی کرائی کہ متاثرہ بچی کو ہر ممکن معاونت فراہم کی

بعدالت محترمہ شمع یاسین صاحبہ سول جج
راولپنڈی
دعوی تنسیخ نکاح، عنوان مقدمہ
ثمینہ اختر بنام شہزاد رفیق پسر محمد رفیق ساکن بیجوال ڈاکخانہ خاص پالک ضلع میرپور آزاد کشمیر ہرگاہ مقدمہ عنوان بالا میں مدعا علیہ کی تعمیل سمن سے ہونی مشکل ہے۔ لہٰذا آپ کو بذریعہ اشتہار اخبار مطلع کیا جاتا ہے کہ آپ اصالتاً وکالتاً یا بذریعہ مختار مورخہ 04-10-25 کو بوقت 8 بجے صبح حاضر عدالت آویں۔ ورنہ کارروائی یکطرفہ عمل میں لائی جائے گی۔
بعدالت جناب تیمور افضل صاحب سول جج
راولپنڈی
درخواست جانشینی،
روبینہ خالد بیوہ خالد محمود ساکن مبارک لین نمبر 4 اڈیالہ روڈ راولپنڈی بنام عوام الناس درخواست برائے حصول سرٹیفکیٹ جانشینی ترکہ متوفی ہرگاہ سائل نے درخواست مذکورہ بالا عدالت ہذا میں گزاری ہے۔ لہٰذا ہر خاص و عام کو بذریعہ اشتہار اخبار مطلع کیا جاتا ہے کہ اگر کسی کو کوئی عذر نسبت درخواست سائل ہو تو اصالتاً وکالتاً یا بذریعہ مختار مورخہ 11-10-25 کو بوقت 8 بجے صبح حاضر عدالت آویں۔ ورنہ کارروائی یکطرفہ عمل میں لائی جائیگی۔

متنازع ٹویٹ کیس میں ٹرائل کا باقاعدہ آغاز ہو گیا، ڈسٹرکٹ اینڈ سیشن کورٹس اسلام آباد نے ایمان مزاری اور ہادی علی چٹھہ پر فرد جرم عائد کر دی۔ ڈسٹرکٹ اینڈ سیشن کورٹس اسلام آباد میں ایمان مزاری اور ہادی علی

31	بقیہ جات	بقیہ

حکومت نے اعلان کیا کہ اس حوالے سے تمام متعلقہ اداروں کو ہدایات جاری کر دی گئی ہیں اور عوام کی سہولت کیلئے اقدامات کئے جا رہے ہیں۔ اجلاس میں مختلف امور پر تفصیلی غور کیا گیا اور متعدد فیصلوں کی منظوری دی گئی۔ ترجمان نے بتایا کہ اس منصوبے پر عملدرآمد جلد شروع ہوگا اور شہریوں کو بہتر سہولیات فراہم کی جائیں گی۔ حکومت نے اعلان کیا کہ اس حوالے سے تمام متعلقہ اداروں کو ہدایات جاری کر دی گئی ہیں اور عوام کی سہولت کیلئے اقدامات کئے جا رہے ہیں۔ اجلاس میں مختلف امور پر تفصیلی غور کیا گیا اور متعدد فیصلوں کی منظوری دی گئی۔ ترجمان نے بتایا کہ اس منصوبے پر عملدرآمد جلد شروع ہوگا اور شہریوں کو بہتر سہولیات فراہم کی جائیں گی۔ حکومت نے اعلان کیا کہ اس حوالے سے تمام متعلقہ اداروں کو ہدایات جاری کر دی گئی ہیں اور عوام کی سہولت کیلئے اقدامات کئے جا رہے ہیں۔ اجلاس میں مختلف امور پر تفصیلی غور کیا گیا اور متعدد فیصلوں کی منظوری دی گئی۔ ترجمان نے بتایا کہ اس منصوبے پر عملدرآمد جلد شروع ہوگا اور شہریوں کو بہتر سہولیات فراہم کی جائیں گی۔ حکومت نے اعلان کیا کہ اس حوالے سے تمام متعلقہ اداروں کو ہدایات جاری کر دی گئی ہیں اور عوام کی سہولت کیلئے اقدامات کئے جا رہے ہیں۔ اجلاس میں مختلف امور پر تفصیلی غور کیا گیا اور متعدد فیصلوں کی منظوری دی گئی۔ ترجمان نے بتایا کہ اس منصوبے پر عملدرآمد جلد شروع ہوگا اور شہریوں کو بہتر سہولیات فراہم کی جائیں گی۔ حکومت نے اعلان کیا کہ اس حوالے سے تمام متعلقہ اداروں کو ہدایات جاری کر دی گئی ہیں اور عوام کی سہولت کیلئے اقدامات کئے جا رہے ہیں۔ اجلاس میں مختلف امور پر تفصیلی غور کیا گیا اور متعدد فیصلوں کی منظوری دی گ

38	بقیہ جات	بقیہ

حکومت نے اعلان کیا کہ اس حوالے سے تمام متعلقہ اداروں کو ہدایات جاری کر دی گئی ہیں اور عوام کی سہولت کیلئے اقدامات کئے جا رہے ہیں۔ اجلاس میں مختلف امور پر تفصیلی غور کیا گیا اور متعدد فیصلوں کی منظوری دی گئی۔ ترجمان نے بتایا کہ اس منصوبے پر عملدرآمد جلد شروع ہوگا اور شہریوں کو بہتر سہولیات فراہم کی جائیں گی۔ حکومت نے اعلان کیا کہ اس حوالے سے تمام متعلقہ اداروں کو ہدایات جاری کر دی گئی ہیں اور عوام کی سہولت کیلئے اقدامات کئے جا رہے ہیں۔ اجلاس میں مختلف امور پر تفصیلی غور کیا گیا اور متعدد فیصلوں کی منظوری دی گئی۔ ترجمان نے بتایا کہ اس منصوبے پر عملدرآمد جلد شروع ہوگا اور

39	بقیہ جات	بقیہ

حکومت نے اعلان کیا کہ اس حوالے سے تمام متعلقہ اداروں کو ہدایات جاری کر دی گئی ہیں اور عوام کی سہولت کیلئے اقدامات کئے جا رہے ہیں۔ اجلاس میں مختلف امور پر تفصیلی غور کیا گیا اور متعدد فیصلوں کی منظوری دی گئی۔ ترجمان نے بتایا کہ اس منصوبے پر عملدرآمد جلد شروع ہوگا اور شہریوں کو بہتر سہولیات فراہم کی جائیں گی۔ حکومت نے اعلان کیا کہ اس حوالے سے تمام متعلقہ اداروں کو ہدایات جاری کر دی گئی ہیں اور عوام کی سہولت کیلئے اقدامات کئے جا رہے ہیں۔ اجلاس میں مختلف امور پر تفصیلی غور کیا گیا اور متعدد فیصلوں کی منظوری دی گئی۔ ترجمان نے بتایا کہ اس منصوبے پر عملدرآمد جلد شروع ہوگا اور شہریوں کو بہتر سہولیات فراہم کی جائیں گی۔ حکومت نے اعلان کیا کہ اس حوالے سے تمام متعلقہ اداروں ک

40	بقیہ جات	بقیہ

حکومت نے اعلان کیا کہ اس حوالے سے تمام متعلقہ اداروں کو ہدایات جاری کر دی گئی ہیں اور عوام کی سہولت کیلئے اقدامات کئے جا رہے ہیں۔ اجلاس میں مختلف امور پر تفصیلی غور کیا گیا اور متعدد فیصلوں کی منظوری دی گئی۔ ترجمان نے بتایا کہ اس منصوبے پر

41	بقیہ جات	بقیہ

حکومت نے اعلان کیا کہ اس حوالے سے تمام متعلقہ اداروں کو ہدایات جاری کر دی گئی ہیں اور عوام کی سہولت کیلئے اقدامات کئے جا رہے ہیں۔ اجلاس میں مختلف امور پر تفصیلی غور کیا گیا اور متعدد فیصلوں کی

42	بقیہ جات	بقیہ

حکومت نے اعلان کیا کہ اس حوالے سے تمام متعلقہ اداروں کو ہدایات جاری کر دی گئی ہیں اور عوام کی سہولت کیلئے اقدامات کئے جا رہے ہیں۔ اجلاس میں مختلف امور پر تفصیلی غور کیا گیا اور متعدد فیصلوں کی منظوری دی گئی۔ ترجمان نے بتایا کہ اس منصوبے پر عملدرآمد جلد شروع ہوگا اور شہریوں کو بہتر سہولیا

43	بقیہ جات	بقیہ

حکومت نے اعلان کیا کہ اس حوالے سے تمام متعلقہ اداروں کو ہدایات جاری کر دی گئی ہیں اور عوام کی سہولت کیلئے اقدامات کئے جا رہے ہیں۔ اجلاس میں مختلف امور پر تفصیلی غور کیا گیا اور متعدد فیصلوں کی منظوری دی گئی۔ ترجمان نے بتایا کہ اس منصوبے پر عملدرآمد جلد شروع ہوگا اور شہریوں کو بہتر سہولیات فراہم کی جائیں گی۔ حکومت نے اعلان کیا کہ اس حوالے سے تمام متعلقہ اداروں کو ہدایات جاری کر دی گ

44	بقیہ جات	بقیہ

حکومت نے اعلان کیا کہ اس حوالے سے تمام متعلقہ اداروں کو ہدایات جاری کر دی گئی ہیں اور عوام کی سہولت کیلئے اقدامات کئے جا رہے ہیں۔ اجلاس میں مختلف امور پر تفصیلی غور کیا گیا اور متعدد فیصلوں کی منظوری دی گئی۔ ترجمان نے بتایا کہ اس منصوبے پر عملدرآمد جلد شروع ہوگا اور شہریوں کو بہتر سہولیات فراہم کی جائیں گی۔ حکومت نے اعلان کیا کہ اس حوالے سے تمام متعلقہ اداروں کو ہدایات جاری کر دی گ

45	بقیہ جات	بقیہ

حکومت نے اعلان کیا کہ اس حوالے سے تمام متعلقہ اداروں کو ہدایات جاری کر دی گئی ہیں اور عوام کی سہولت کیلئے اقدامات کئے جا رہے ہیں۔ اجلاس میں مختلف امور پر تفصیلی غور کیا گیا اور متعدد فیصلوں کی منظوری دی گئی۔ ترجمان نے بتایا کہ اس منصوبے پر عملدرآمد جلد شروع ہوگا اور شہریوں کو بہتر سہولیات فراہم کی جائیں گی۔ حکومت نے اعلان کیا کہ اس حوالے سے تمام متعلقہ اداروں کو ہدایات جاری کر دی گئی ہیں اور عوام کی سہولت کیلئے اقدامات کئے جا رہے ہیں۔ اجلاس میں مختلف امور پر تفصیلی غور کیا گی

بعدالت جناب تیمور افضل صاحب سول جج
راولپنڈی
دعوی استقرار حق،
روبینہ خالد بیوہ خالد محمود ساکن مبارک لین نمبر 4 اڈیالہ روڈ راولپنڈی بنام عوام الناس ہرگاہ سائل نے درخواست مذکورہ بالا عدالت ہذا میں گزاری ہے۔ لہٰذا ہر خاص و عام کو بذریعہ اشتہار اخبار مطلع کیا جاتا ہے کہ اگر کسی کو کوئی عذر نسبت درخواست سائل ہو تو اصالتاً وکالتاً یا بذریعہ مختار مورخہ 11-10-25 کو بوقت 8 بجے صبح حاضر عدالت آویں۔ ورنہ کارروائی یکطرفہ عمل میں لائی جائیگی۔
بعدالت جناب رائے محمد شہریز خان
فیملی کورٹ جج منڈی بہاوالدین
دعوی تنسیخ نکاح — عنوان مقدمہ — عشاء امجد بنام محمد عاقب — بنام اشتہار
محمد عاقب ولد محمد آصف ساکن پل شاہ دولہ تحصیل کاموکی ضلع گجرانوالہ ہرگاہ دعویٰ عنوان بالا میں آپ کو بذریعہ اخبار اشتہار مطلع کیا جاتا ہے کہ نسبت عذر ہو تو بتقرر تاریخ 14/10/25 اصالتاً یا وکالتاً عدالت ہذا میں پیش ہو کر درخواست کی پیروی کرے بصورت دیگر یکطرفہ کارروائی عمل میں لائی جائے گی اور کوئی عذر قابل قبول نہ ہوگا۔ بحکم عدالت ہذا

خلاف سخت کارروائی عمل میں لائی جائے گی۔

حکومت نے اعلان کیا کہ اس حوالے سے تمام متعلقہ اداروں کو ہدایات جاری کر دی گئی ہیں اور عوام کی سہولت کیلئے اقدامات کئے جا رہے ہیں۔ اجلاس میں مختل

37	بقیہ جات	بقیہ

بھر میں 100 سے زائد ممالک میں منایا جاتا ہے بعض ممالک میں اس دن کی اہمیت کے پیش نظر تعطیل بھی کی جاتی ہے دنیا بھر میں اساتذہ تنظیمیں یہ دن اہتمام سے مناتی ہیں، فیصل آباد میں بھی یوم اساتذہ کے حوالے

حکومت نے اعلان کیا کہ اس حوالے سے تمام متعلقہ اداروں کو ہدایات جاری کر دی گئی ہیں اور عوام کی سہولت کیلئے اقدامات کئے جا رہے ہیں۔ اجلاس میں مختلف امور پر تفصیلی غور کیا گیا اور متعدد فیصلوں کی منظوری دی گئی۔ ترجمان نے بتایا کہ اس منصوبے پر عملدرآمد جلد شروع ہوگا اور شہریوں کو بہتر سہولیات فراہم کی جائیں گی۔ حکومت نے اعلان کیا کہ اس حوالے سے تمام متعلقہ اداروں کو ہدایات جاری کر دی گئی ہیں اور عوام کی سہولت کیلئے اقدامات کئے جا رہے ہیں۔ اجلاس میں مختلف امور پر تفصیلی غور کیا گی

46	بقیہ جات	بقیہ

حکومت نے اعلان کیا کہ اس حوالے سے تمام متعلقہ اداروں کو ہدایات جاری کر دی گئی ہیں اور عوام کی سہولت کیلئے اقدامات کئے جا رہے ہیں۔ اجلاس میں مختلف امور پر تفصیلی غور کیا گیا اور متعدد فیصلوں کی منظوری دی گئی۔ ترجمان نے بتایا کہ اس منصوبے پر عملدرآمد جلد شروع ہوگا اور شہریوں کو بہتر سہولیات فراہم کی جائیں گی۔ حکومت نے اعلان کیا کہ اس حوالے سے تمام متعلقہ اداروں کو ہدایات جاری کر دی گئی ہیں اور عوام کی سہولت کیلئے اقدامات کئے جا رہے ہیں۔ اجلاس میں مختلف امور پر تفصیلی غور کیا گیا اور متعدد فیصلوں کی منظوری دی گئی۔ ترجمان نے بتایا کہ اس منصوبے پر عملدرآمد جلد شروع ہوگا اور

47	بقیہ جات	بقیہ

حکومت نے اعلان کیا کہ اس حوالے سے تمام متعلقہ اداروں کو ہدایات جاری کر دی گئی ہیں اور عوام کی سہولت کیلئے اقدامات کئے جا رہے ہیں۔ اجلاس میں مختلف امور پر تفصیلی غور کیا گیا اور متعدد فیصلوں کی منظوری دی گئی۔ ترجمان نے بتایا کہ اس منصوبے پر عملدرآمد جلد شروع ہوگا اور شہریوں کو بہتر سہولیات فراہم کی جائیں گی۔ حکومت نے اعلان کیا کہ اس حوالے سے تمام متعلقہ اداروں کو ہدایات جاری کر دی گئی ہیں اور عوام کی سہولت کیلئے اقدامات کئے جا رہے ہیں۔ اجلاس میں مختلف امور پر تفصیلی غور کیا گیا اور متعدد فیصلوں کی منظوری دی گئی۔ ترجمان نے بتایا کہ اس منصوبے پر عملدرآمد جلد شروع ہوگا اور شہریوں کو بہتر سہولیات فراہم کی جائیں گی۔ حکومت نے اعلان کیا کہ اس حوالے سے تمام متعلقہ اداروں کو ہدایات جاری کر دی گئی ہیں اور عوام کی سہولت کیلئے اقدامات کئے جا رہے ہیں۔ اجلاس میں مختلف امور

48	بقیہ جات	بقیہ

حکومت نے اعلان کیا کہ اس حوالے سے تمام متعلقہ اداروں کو ہدایات جاری کر دی گئی ہیں اور عوام کی سہولت کیلئے اقدامات کئے جا رہے ہیں۔ اجلاس میں مختلف امور پر تفصیلی غور کیا گیا اور متعدد فیصلوں کی منظوری دی گئی۔ ترجمان نے بتایا کہ اس منصوبے پر عملدرآمد جلد شروع ہوگا اور شہریوں کو بہتر سہولیا

49	بقیہ جات	بقیہ

حکومت نے اعلان کیا کہ اس حوالے سے تمام متعلقہ اداروں کو ہدایات جاری کر دی گئی ہیں اور عوام کی سہولت کیلئے اقدامات کئے جا رہے ہیں۔ اجلاس میں مختلف امور پر تفصیلی غور کیا گیا اور متعدد فیصلوں کی منظوری دی گئی۔ ترجمان نے بتایا کہ اس منصوبے پر

50	بقیہ جات	بقیہ

حکومت نے اعلان کیا کہ اس حوالے سے تمام متعلقہ اداروں کو ہدایات جاری کر دی گئی ہیں اور عوام کی سہولت کیلئے اقدامات کئے جا رہے ہیں۔ اجلاس میں مختلف امور پر تفصیلی غور کیا گیا اور متعدد فیصلوں کی منظوری دی گئی۔ ترجمان نے بتایا کہ اس منصوبے پر عملدرآمد جلد شروع ہوگا اور شہریوں کو بہتر سہولیات فراہم کی جائیں گی۔ حکومت نے اعلان کیا کہ اس حوالے سے تمام متعلقہ اداروں کو ہدایات جاری کر دی گ

51	بقیہ جات	بقیہ

ذمہ داری امریکہ اور اس کے حواری ممالک پر عائد ہوتی ہے۔ امریکہ و اسرائیل سمیت تمام قوتیں مشرقی وسطیٰ کے مقبوضہ علاقوں کی آزادی کیلئے جاری جدوجہد کو روکنے میں کامیاب نہیں ہوں گی

حکومت نے اعلان کیا کہ اس حوالے سے تمام متعلقہ اداروں کو ہدایات جاری کر دی گئی ہیں اور عوام کی سہولت کیلئے اقدامات کئے جا رہے ہیں۔ اجلاس میں مختلف امور پر تفصیلی غور کیا گیا اور متعدد فیصلوں کی منظوری دی گئی۔ ترجمان نے بتایا کہ اس منصوبے پر عملدرآمد جلد شروع ہوگا اور شہریوں کو بہتر سہولیات فراہم کی جائیں گی۔ حکومت نے اعلان کیا کہ اس حوالے سے تمام متعلقہ اداروں کو ہدایات جاری کر دی گ

52	بقیہ جات	بقیہ

درج ہے کہ بازار میں خاتون کی چیخ و پکار پر لوگ تماشائی بنے رہے جبکہ خاتون لہولہان حالت میں زمین پر گر گئی اور ملزموں نے جان سے مارنے کی دھمکیاں بھی دیں۔ عینی شاہدین کے مطابق ملزموں نے خاتون

بعدالت جناب محمد ہارون صاحب سول جج
سرگودھا
دعوی استقرار حق
محمد ثناء اللہ شاہ وغیرہ بنام صوبہ پنجاب وغیرہ اشتہار بنام: محمد زمان ولد علی خان سکنہ چک نمبر 73 شمالی تحصیل و ضلع سرگودھا مدعا علیہ کو بذریعہ اخبار اشتہار مطلع کیا جاتا ہے کہ مورخہ بتقرر 10-10-2025 وقت 08:00 بجے کو اصالتاً یا وکالتاً حاضر عدالت ہوں ورنہ آپ کے خلاف حسب ضابطہ کارروائی یکطرفہ عمل میں لائی جائے گی۔ آج ہمارے دستخط و مہر عدالت سے جاری ہوا۔
بعدالت جناب آصف علی صاحب سول
جج سلانوالی ضلع سرگودھا
حسب ضابطہ اشتہار ... 02-10-2025

نے کہا کہ فیصل آباد میں پہلی بار باقاعدہ پبلک ٹرانسپورٹ سسٹم کا آغاز ہو رہا ہے جو شہریوں کے لیے ایک بڑی سہولت ہے۔ گوادر پرو کے مطابق یہ بسیں مکمل طور پر برقی توانائی سے چلنے والی ہیں، ہر بس میں 30 نشستیں موجود ہیں جبکہ یہ ایک وقت میں 80 مسافروں کو لے جانے کی صلاحیت رکھتی ہیں، یہ اقدام سموگ پر قابو پانے اور شہریوں کو محفوظ، صاف اور سستی سفری سہولت فراہم کرنے کی جانب ایک بڑا قدم ہے۔ گوادر پرو کے مطابق فروری میں لاہور میں 27 بسوں کے ساتھ پائلٹ پروجیکٹ کے آغاز کے بعد یہ

حکومت نے اعلان کیا کہ اس حوالے سے تمام متعلقہ اداروں کو ہدایات جاری کر دی گئی ہیں اور عوام کی سہولت کیلئے اقدامات کئے جا رہے ہیں۔ اجلاس میں مختلف امور پر تفصیلی غور کیا گیا اور متعدد فیصلوں کی منظوری دی گئی۔ ترجمان نے بتایا کہ اس منصوبے پر عملدرآمد جلد شروع ہوگا اور شہریوں کو بہتر سہولیات فراہم کی جائیں گی۔ حکومت نے اعلان کیا کہ اس حوالے سے تمام متعلقہ اداروں کو ہدایات جاری کر دی گئی ہیں اور عوام کی سہولت کیلئے اقدامات کئے جا رہے ہیں۔ اجلاس میں مختلف امور پر تفصیلی غور کیا گیا اور متعدد فیصلوں کی منظوری دی گئی۔ ترجمان نے بتایا کہ اس منصوبے پر عملدرآمد جلد شروع ہوگا اور شہریوں کو بہتر سہولیات فراہم کی جائیں گی۔ حکومت نے اعلان کیا کہ اس حوالے سے تمام متعلقہ اداروں کو ہدایات جاری کر دی گئی ہیں اور عوام کی سہولت کیلئے اقدامات کئے جا رہے ہیں۔ اجلاس میں مختلف امور پر تفصیلی غور کیا گیا اور متعدد فیصلوں کی منظوری دی گئی۔ ترجمان نے بتایا کہ اس منصوبے پر عملدرآمد جلد شروع ہوگا اور شہریوں کو بہتر سہولیات فراہم کی جائیں گی۔ حکومت نے اعلان کیا کہ اس حوالے سے

کو بدترین رسوائی کا نشانہ بنایا۔ دکانداروں نے زخمی خاتون کو فوری طور پر خواجہ سعید ہسپتال منتقل کیا جہاں انہیں ایمرجنسی طبی امداد فراہم کی گئی۔ پولیس نے واقعے کا مقدمہ درج کر لیا ہے، مقدمے میں دفعات 354، 506 اور 34 شامل کی گئی ہیں جبکہ ملزموں کے خلاف تفتیش جاری ہے۔ متاثرہ خاتون نے اعلیٰ حکام سے اپیل کی ہے کہ انہیں جان کا تحفظ فراہم کیا جائے۔

53	بقیہ جات	بقیہ

حق کی جنگ لڑ رہی ہے سب نے ایک ہو کر خان کی تحریک کو مزید مضبوط بنانا ہے۔ انصاف لائرز فورم کے

حکومت نے اعلان کیا کہ اس حوالے سے تمام متعلقہ اداروں کو ہدایات جاری کر دی گئی ہیں اور عوام کی سہولت کیلئے اقدامات کئے جا رہے ہیں۔ اجلاس میں مختلف امور پر تفصیلی غور کیا گیا اور متعدد فیصلوں کی منظوری دی گئی۔ ترجمان نے بتایا کہ اس منصوبے پر عملدرآمد جلد شروع ہوگا اور شہریوں کو بہتر سہولیات فراہم کی جائیں گی۔ حکومت نے اعلان کیا کہ اس حوالے سے تمام متعلقہ اداروں کو ہدایات جاری کر دی گئی ہیں اور عوام کی سہولت کیلئے اقدامات کئے جا رہے ہیں۔ اجلاس میں مختلف امور پر تفصیلی غور کیا گیا اور متعدد فیصلوں کی منظوری دی گئی۔ ترجمان نے بتایا کہ اس منصوبے پر عملدرآمد جلد شروع ہوگا اور شہریوں کو بہتر سہولیات فراہم کی جائیں گی۔ حکومت نے اعلان کیا کہ اس حوالے سے تمام متعلقہ اداروں ک

54	بقیہ جات	بقیہ

حکومت نے اعلان کیا کہ اس حوالے سے تمام متعلقہ اداروں کو ہدایات جاری کر دی گئی ہیں اور عوام کی سہولت کیلئے اقدامات کئے جا رہے ہیں۔ اجلاس میں مختلف امور پر تفصیلی غور کیا گیا اور متعدد فیصلوں کی منظوری دی گئی۔ ترجمان نے بتایا کہ اس منصوبے پر عملدرآمد جلد شروع ہوگا اور شہریوں کو بہتر سہولیات فراہم کی جائیں گی۔ حکومت نے اعلان کیا کہ اس حوالے سے تمام متعلقہ اداروں کو ہدایات جاری کر دی گئی ہیں اور عوام کی سہولت کیلئے اقدامات کئے جا رہے ہیں۔ اجلاس میں مختلف امور پر تفصیلی غور کیا گیا اور متعدد فیصلوں کی منظوری دی گئی۔ ترجمان نے بتایا کہ اس منصوبے پر عملدرآمد جلد شروع ہوگا اور شہریوں کو بہتر سہولیات فراہم کی جائیں گی۔ حکومت نے اعلان کیا کہ اس حوالے سے تمام متعلقہ اداروں ک

55	بقیہ جات	بقیہ

حکومت نے اعلان کیا کہ اس حوالے سے تمام متعلقہ اداروں کو ہدایات جاری کر دی گئی ہیں اور عوام کی سہولت کیلئے اقدامات کئے جا رہے ہیں۔ اجلاس میں مختلف امور پر تفصیلی غور کیا گیا اور متعدد فیصلوں کی منظوری دی گئی۔ ترجمان نے بتایا کہ اس منصوبے پر عملدرآمد جلد شروع ہوگا اور شہریوں کو بہتر سہولیات فراہم کی جائیں گی۔ حکومت نے اعلان کیا کہ اس حوالے سے تمام متعلقہ اداروں کو ہدایات جاری کر دی گ

بعدالت جناب محمد شریف صاحب جج
بینکنگ کورٹ نمبر II گوجرانوالہ
1بسلسلہ اجراء ڈگری
نمبر ZTBL،30-E/2024 برانچ واہنڈو ضلع گوجرانوالہ (ڈگریدار/بینک) بنام محمد حنیف ولد عبدالعزیز ذات راجپوت ساکن واہنڈو کالر خاص تحصیل کاموکی ضلع گوجرانوالہ (مدیون) مسودہ نیلام تفصیل زر ڈگری، زر ڈگری/-219770 روپے خرچہ -/17003 روپے کل زر ڈگری مبلغ -/236773 روپے علاوہ خرچہ اجراء ہر قسم و کاسٹ ... 22 حصہ 77/440 حصہ مدیون 3 کنال 17 مرلہ کھیوٹ نمبر 653 کھتونی نمبر 1108 کنال 15 مرلہ 9 حصہ 27/618 حصہ مدیون 13-1/2 مرلہ زیر نیلام کل رقبہ 10 کنال 12 مرلہ 5-1/2 مرلہ واقع رقبہ موضع واہنڈو کالر خاص تحصیل کاموکی ضلع گوجرانوالہ (ملکیتی مدیون)، شیڈول نیلام چسپاندگی اشتہار و عدالت 08-09-2025 چسپاندگی اشتہارات برموقع 11-09-2025 اشاعت اخبار اشتہار 16-09-2025 نیلام عام مورخہ 02-10-2025 بوقت 1:00 بجے دوپہر بروز جمعرات۔ مقام نیلام برموقع۔ شرائط نیلام 1۔ سرکاری بولی / ریزرو پرائس قیمت مبلغ ... کر کے USB منسلک نیلام رپورٹ کی جائے گی نوٹ مزید معلومات کے لئے کورٹ آکشنر یا بینک منیجر سے رجوع کرے۔ کورٹ آکشنر ایم اے رضا خان ایڈووکیٹ ہائیکورٹ 12 فاطمہ جناح چیمبر سیشن کورٹس گوجرانوالہ۔ موبائل نمبر 0303-4065655
